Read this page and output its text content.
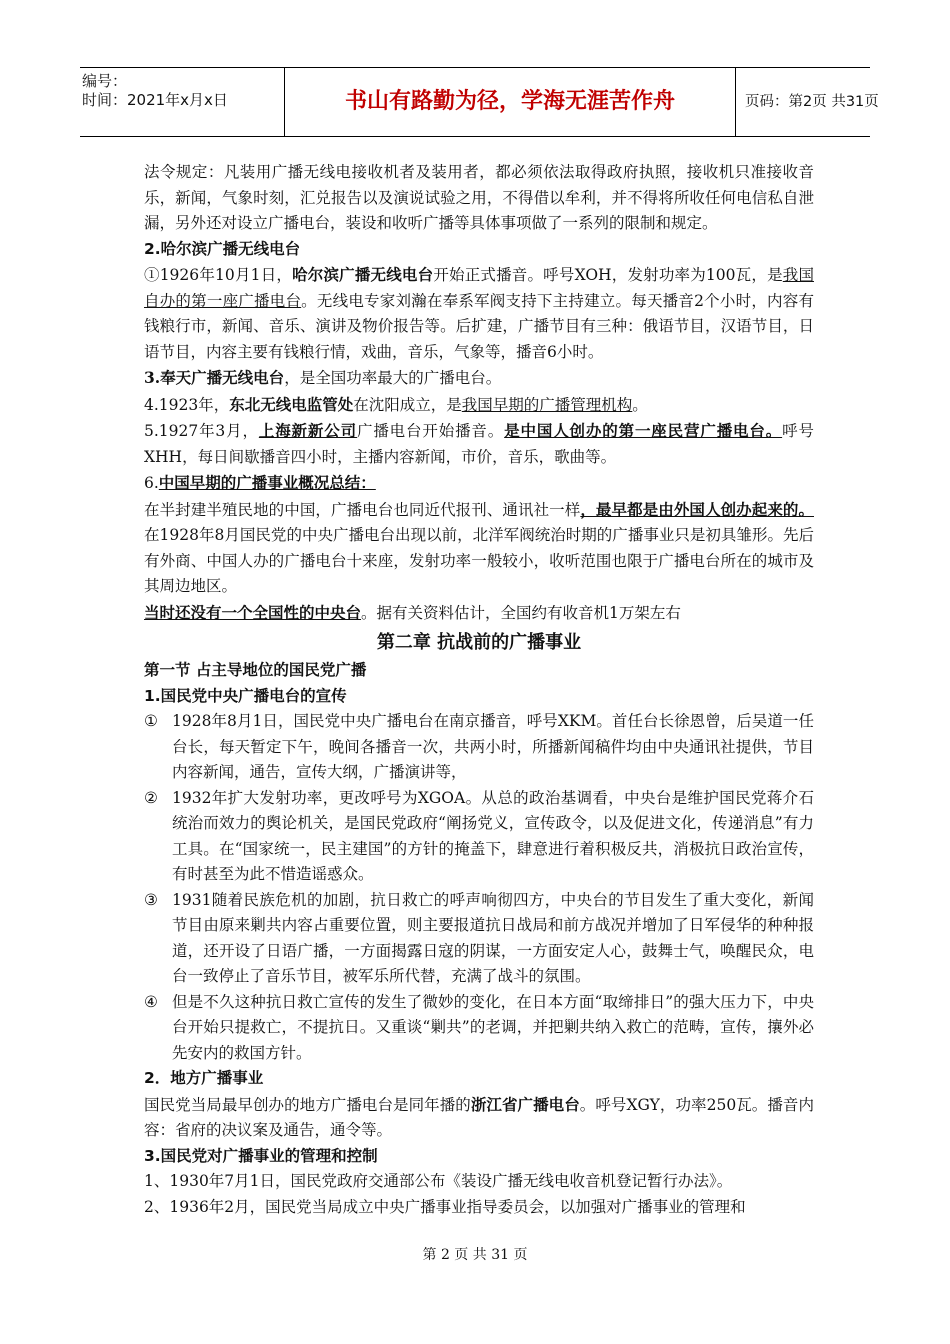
编号：
时间：2021年x月x日	书山有路勤为径，学海无涯苦作舟	页码：第2页 共31页

法令规定：凡装用广播无线电接收机者及装用者，都必须依法取得政府执照，接收机只准接收音乐，新闻，气象时刻，汇兑报告以及演说试验之用，不得借以牟利，并不得将所收任何电信私自泄漏，另外还对设立广播电台，装设和收听广播等具体事项做了一系列的限制和规定。

2.哈尔滨广播无线电台

①1926年10月1日，哈尔滨广播无线电台开始正式播音。呼号XOH，发射功率为100瓦，是我国自办的第一座广播电台。无线电专家刘瀚在奉系军阀支持下主持建立。每天播音2个小时，内容有钱粮行市，新闻、音乐、演讲及物价报告等。后扩建，广播节目有三种：俄语节目，汉语节目，日语节目，内容主要有钱粮行情，戏曲，音乐，气象等，播音6小时。

3.奉天广播无线电台，是全国功率最大的广播电台。

4.1923年，东北无线电监管处在沈阳成立，是我国早期的广播管理机构。

5.1927年3月，上海新新公司广播电台开始播音。是中国人创办的第一座民营广播电台。呼号XHH，每日间歇播音四小时，主播内容新闻，市价，音乐，歌曲等。

6.中国早期的广播事业概况总结：

在半封建半殖民地的中国，广播电台也同近代报刊、通讯社一样，最早都是由外国人创办起来的。在1928年8月国民党的中央广播电台出现以前，北洋军阀统治时期的广播事业只是初具雏形。先后有外商、中国人办的广播电台十来座，发射功率一般较小，收听范围也限于广播电台所在的城市及其周边地区。

当时还没有一个全国性的中央台。据有关资料估计，全国约有收音机1万架左右

第二章 抗战前的广播事业

第一节 占主导地位的国民党广播

1.国民党中央广播电台的宣传

① 1928年8月1日，国民党中央广播电台在南京播音，呼号XKM。首任台长徐恩曾，后吴道一任台长，每天暂定下午，晚间各播音一次，共两小时，所播新闻稿件均由中央通讯社提供，节目内容新闻，通告，宣传大纲，广播演讲等，

② 1932年扩大发射功率，更改呼号为XGOA。从总的政治基调看，中央台是维护国民党蒋介石统治而效力的舆论机关，是国民党政府“阐扬党义，宣传政令，以及促进文化，传递消息”有力工具。在“国家统一，民主建国”的方针的掩盖下，肆意进行着积极反共，消极抗日政治宣传，有时甚至为此不惜造谣惑众。

③ 1931随着民族危机的加剧，抗日救亡的呼声响彻四方，中央台的节目发生了重大变化，新闻节目由原来剿共内容占重要位置，则主要报道抗日战局和前方战况并增加了日军侵华的种种报道，还开设了日语广播，一方面揭露日寇的阴谋，一方面安定人心，鼓舞士气，唤醒民众，电台一致停止了音乐节目，被军乐所代替，充满了战斗的氛围。

④ 但是不久这种抗日救亡宣传的发生了微妙的变化，在日本方面“取缔排日”的强大压力下，中央台开始只提救亡，不提抗日。又重谈“剿共”的老调，并把剿共纳入救亡的范畴，宣传，攘外必先安内的救国方针。

2．地方广播事业

国民党当局最早创办的地方广播电台是同年播的浙江省广播电台。呼号XGY，功率250瓦。播音内容：省府的决议案及通告，通令等。

3.国民党对广播事业的管理和控制

1、1930年7月1日，国民党政府交通部公布《装设广播无线电收音机登记暂行办法》。

2、1936年2月，国民党当局成立中央广播事业指导委员会，以加强对广播事业的管理和

第 2 页 共 31 页
